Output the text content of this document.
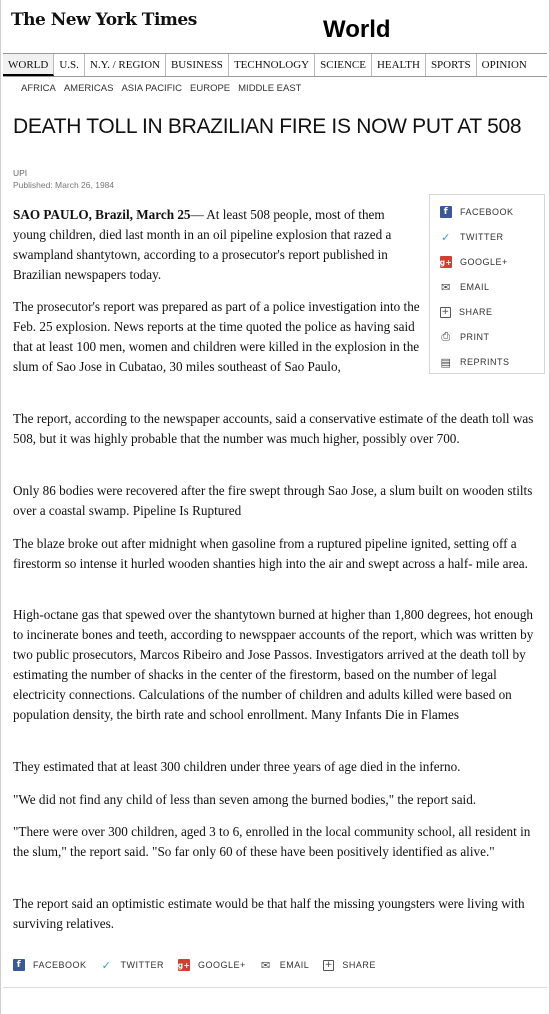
The New York Times	World
WORLD	U.S.	N.Y. / REGION	BUSINESS	TECHNOLOGY	SCIENCE	HEALTH	SPORTS	OPINION
AFRICA AMERICAS ASIA PACIFIC EUROPE MIDDLE EAST
DEATH TOLL IN BRAZILIAN FIRE IS NOW PUT AT 508
UPI
Published: March 26, 1984
f	FACEBOOK
✓ TWITTER
g+ GOOGLE+
✉ EMAIL
+ SHARE
⎙ PRINT
▤ REPRINTS

SAO PAULO, Brazil, March 25— At least 508 people, most of them young children, died last month in an oil pipeline explosion that razed a swampland shantytown, according to a prosecutor's report published in Brazilian newspapers today.

The prosecutor's report was prepared as part of a police investigation into the Feb. 25 explosion. News reports at the time quoted the police as having said that at least 100 men, women and children were killed in the explosion in the slum of Sao Jose in Cubatao, 30 miles southeast of Sao Paulo,

The report, according to the newspaper accounts, said a conservative estimate of the death toll was 508, but it was highly probable that the number was much higher, possibly over 700.

Only 86 bodies were recovered after the fire swept through Sao Jose, a slum built on wooden stilts over a coastal swamp. Pipeline Is Ruptured

The blaze broke out after midnight when gasoline from a ruptured pipeline ignited, setting off a firestorm so intense it hurled wooden shanties high into the air and swept across a half- mile area.

High-octane gas that spewed over the shantytown burned at higher than 1,800 degrees, hot enough to incinerate bones and teeth, according to newsppaer accounts of the report, which was written by two public prosecutors, Marcos Ribeiro and Jose Passos. Investigators arrived at the death toll by estimating the number of shacks in the center of the firestorm, based on the number of legal electricity connections. Calculations of the number of children and adults killed were based on population density, the birth rate and school enrollment. Many Infants Die in Flames

They estimated that at least 300 children under three years of age died in the inferno.

"We did not find any child of less than seven among the burned bodies," the report said.

"There were over 300 children, aged 3 to 6, enrolled in the local community school, all resident in the slum," the report said. "So far only 60 of these have been positively identified as alive."

The report said an optimistic estimate would be that half the missing youngsters were living with surviving relatives.

f	FACEBOOK ✓ TWITTER g+ GOOGLE+ ✉ EMAIL + SHARE
